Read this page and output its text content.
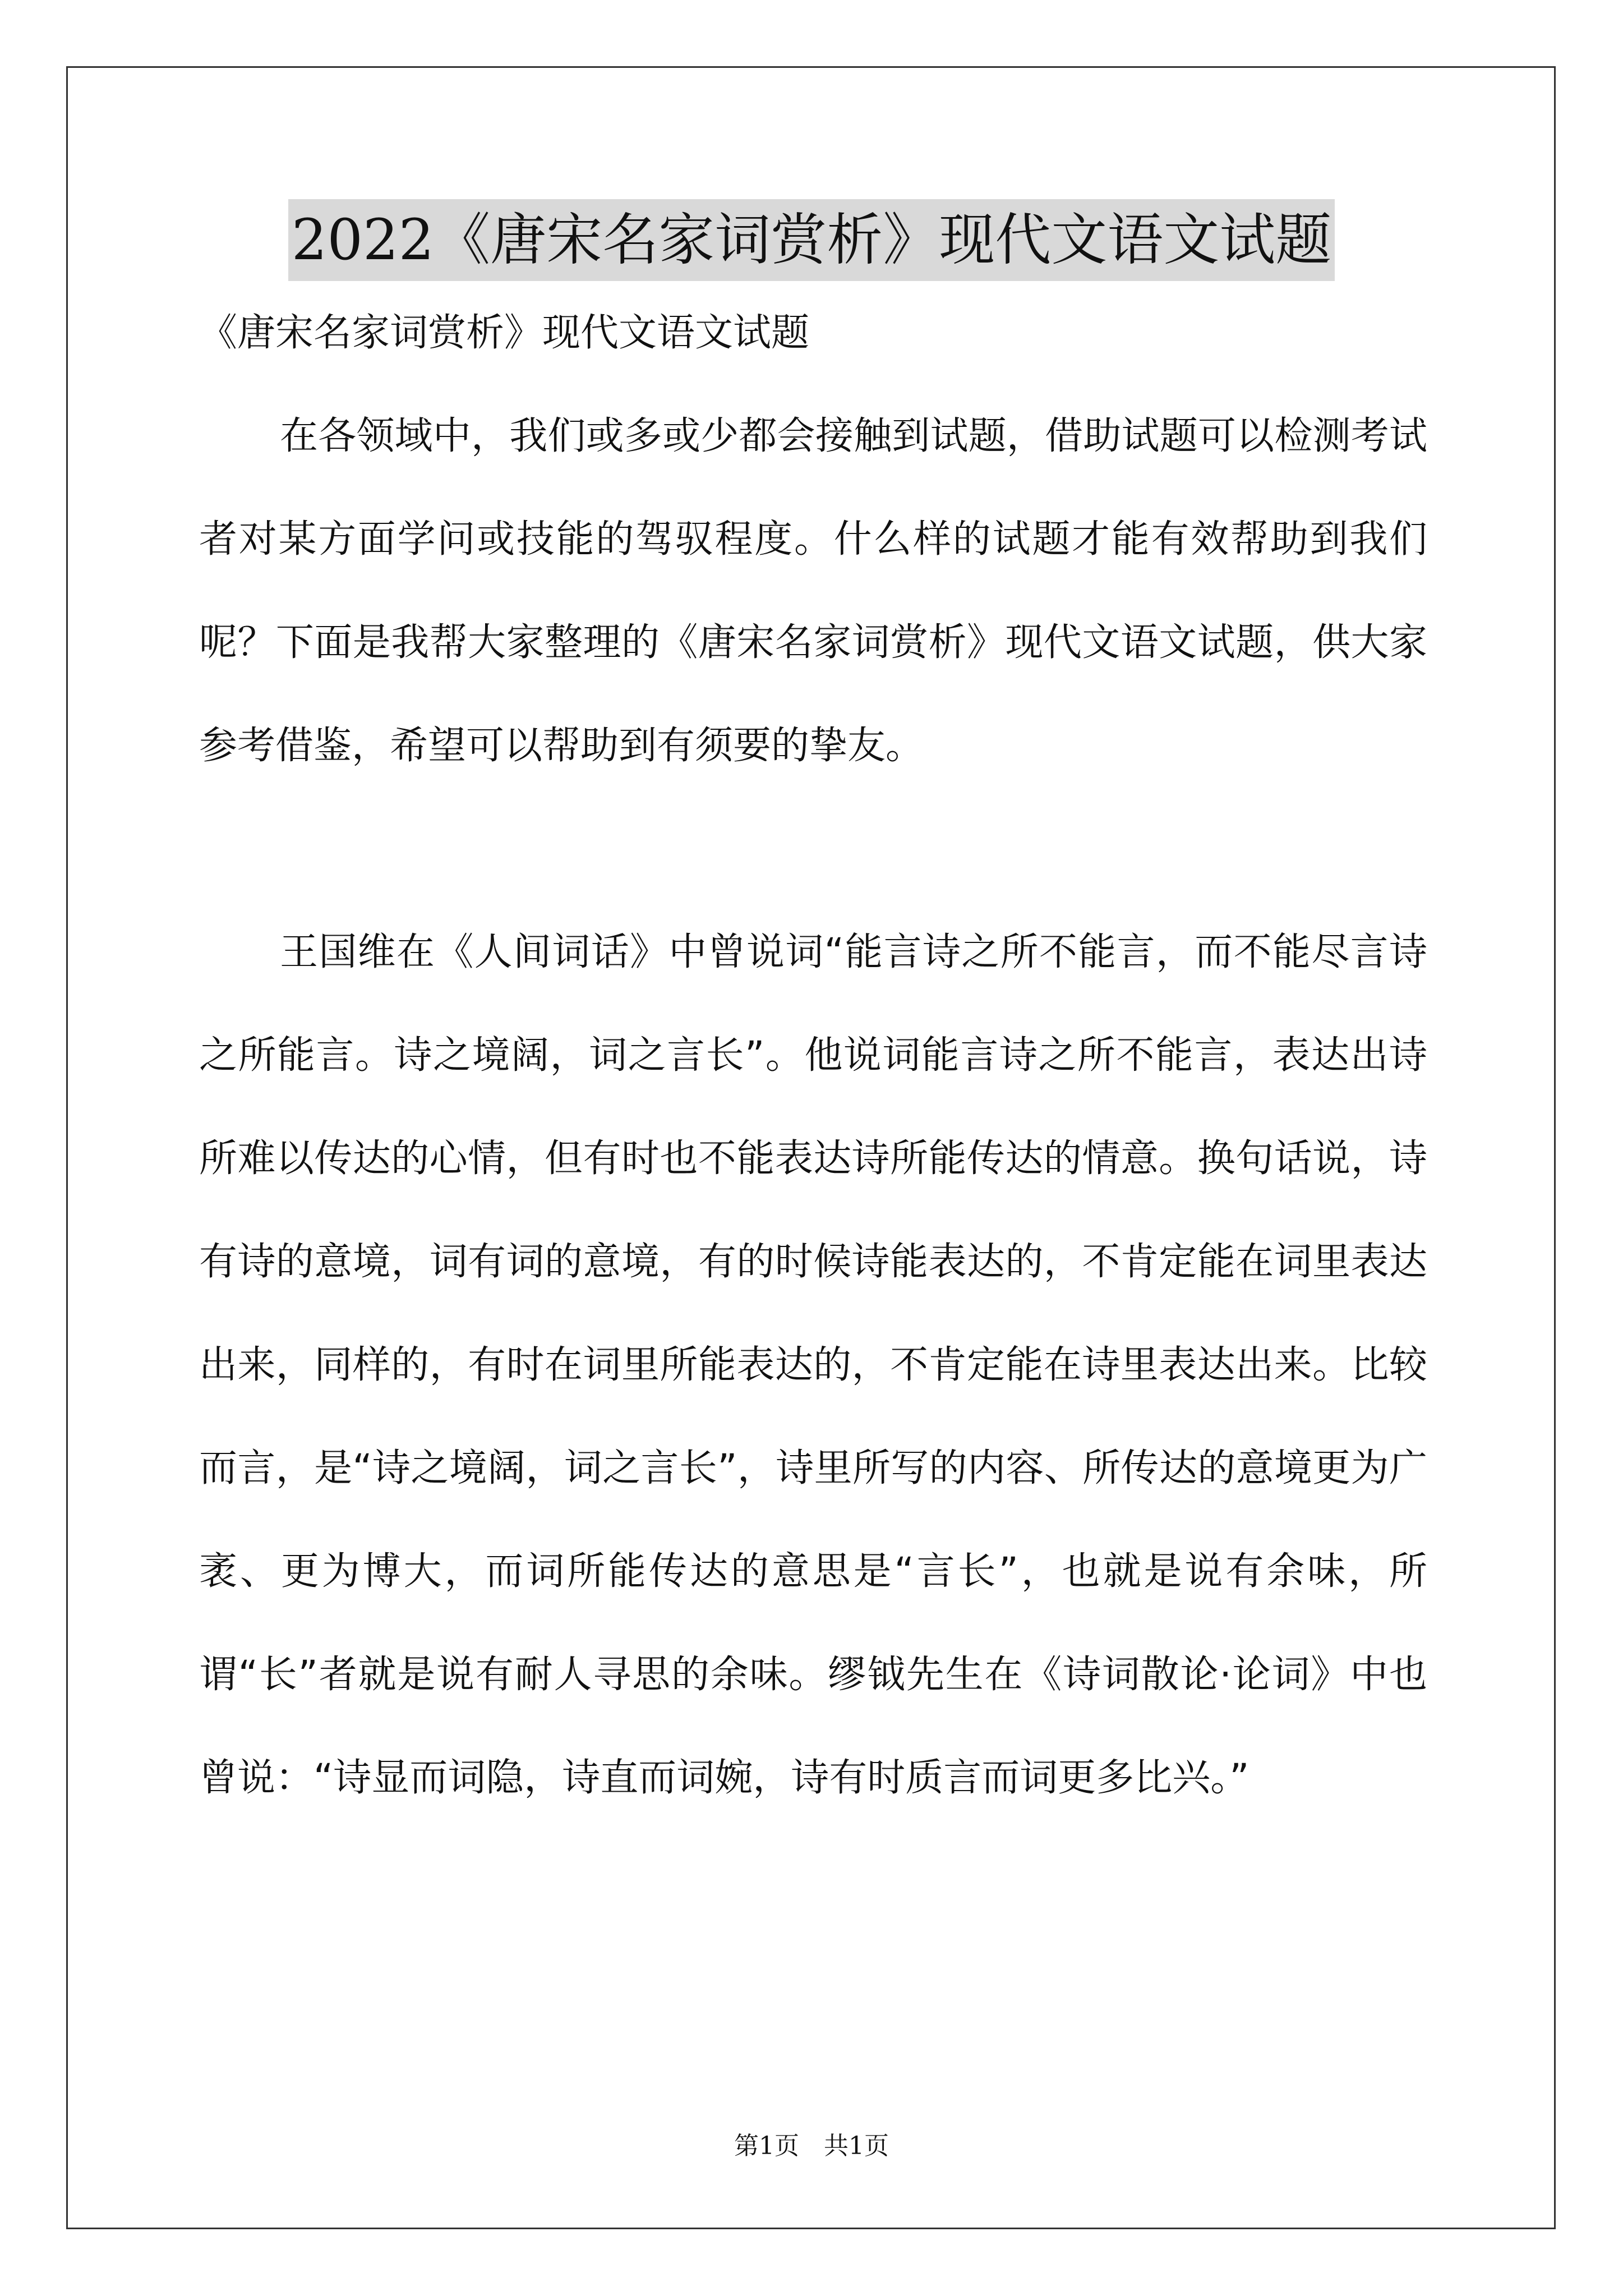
2022《唐宋名家词赏析》现代文语文试题

《唐宋名家词赏析》现代文语文试题

在各领域中，我们或多或少都会接触到试题，借助试题可以检测考试者对某方面学问或技能的驾驭程度。什么样的试题才能有效帮助到我们呢？下面是我帮大家整理的《唐宋名家词赏析》现代文语文试题，供大家参考借鉴，希望可以帮助到有须要的挚友。

王国维在《人间词话》中曾说词“能言诗之所不能言，而不能尽言诗之所能言。诗之境阔，词之言长”。他说词能言诗之所不能言，表达出诗所难以传达的心情，但有时也不能表达诗所能传达的情意。换句话说，诗有诗的意境，词有词的意境，有的时候诗能表达的，不肯定能在词里表达出来，同样的，有时在词里所能表达的，不肯定能在诗里表达出来。比较而言，是“诗之境阔，词之言长”，诗里所写的内容、所传达的意境更为广袤、更为博大，而词所能传达的意思是“言长”，也就是说有余味，所谓“长”者就是说有耐人寻思的余味。缪钺先生在《诗词散论·论词》中也曾说：“诗显而词隐，诗直而词婉，诗有时质言而词更多比兴。”

第1页　共1页
